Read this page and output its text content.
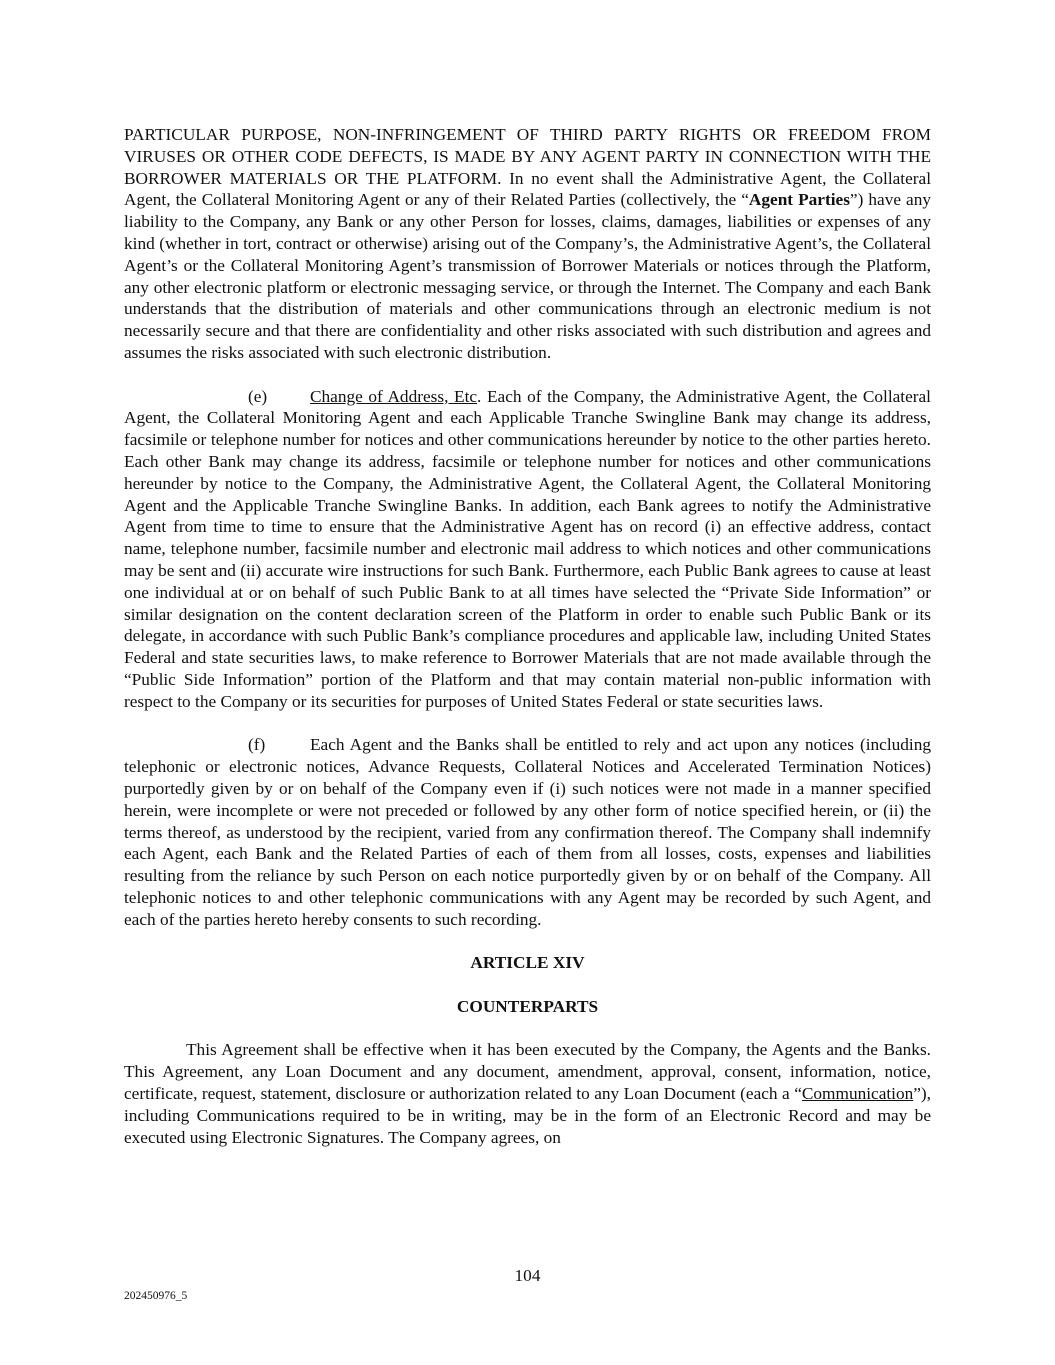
PARTICULAR PURPOSE, NON-INFRINGEMENT OF THIRD PARTY RIGHTS OR FREEDOM FROM VIRUSES OR OTHER CODE DEFECTS, IS MADE BY ANY AGENT PARTY IN CONNECTION WITH THE BORROWER MATERIALS OR THE PLATFORM. In no event shall the Administrative Agent, the Collateral Agent, the Collateral Monitoring Agent or any of their Related Parties (collectively, the “Agent Parties”) have any liability to the Company, any Bank or any other Person for losses, claims, damages, liabilities or expenses of any kind (whether in tort, contract or otherwise) arising out of the Company’s, the Administrative Agent’s, the Collateral Agent’s or the Collateral Monitoring Agent’s transmission of Borrower Materials or notices through the Platform, any other electronic platform or electronic messaging service, or through the Internet. The Company and each Bank understands that the distribution of materials and other communications through an electronic medium is not necessarily secure and that there are confidentiality and other risks associated with such distribution and agrees and assumes the risks associated with such electronic distribution.

(e) Change of Address, Etc. Each of the Company, the Administrative Agent, the Collateral Agent, the Collateral Monitoring Agent and each Applicable Tranche Swingline Bank may change its address, facsimile or telephone number for notices and other communications hereunder by notice to the other parties hereto. Each other Bank may change its address, facsimile or telephone number for notices and other communications hereunder by notice to the Company, the Administrative Agent, the Collateral Agent, the Collateral Monitoring Agent and the Applicable Tranche Swingline Banks. In addition, each Bank agrees to notify the Administrative Agent from time to time to ensure that the Administrative Agent has on record (i) an effective address, contact name, telephone number, facsimile number and electronic mail address to which notices and other communications may be sent and (ii) accurate wire instructions for such Bank. Furthermore, each Public Bank agrees to cause at least one individual at or on behalf of such Public Bank to at all times have selected the “Private Side Information” or similar designation on the content declaration screen of the Platform in order to enable such Public Bank or its delegate, in accordance with such Public Bank’s compliance procedures and applicable law, including United States Federal and state securities laws, to make reference to Borrower Materials that are not made available through the “Public Side Information” portion of the Platform and that may contain material non-public information with respect to the Company or its securities for purposes of United States Federal or state securities laws.

(f)	Each Agent and the Banks shall be entitled to rely and act upon any notices (including telephonic or electronic notices, Advance Requests, Collateral Notices and Accelerated Termination Notices) purportedly given by or on behalf of the Company even if (i) such notices were not made in a manner specified herein, were incomplete or were not preceded or followed by any other form of notice specified herein, or (ii) the terms thereof, as understood by the recipient, varied from any confirmation thereof. The Company shall indemnify each Agent, each Bank and the Related Parties of each of them from all losses, costs, expenses and liabilities resulting from the reliance by such Person on each notice purportedly given by or on behalf of the Company. All telephonic notices to and other telephonic communications with any Agent may be recorded by such Agent, and each of the parties hereto hereby consents to such recording.

ARTICLE XIV

COUNTERPARTS

This Agreement shall be effective when it has been executed by the Company, the Agents and the Banks. This Agreement, any Loan Document and any document, amendment, approval, consent, information, notice, certificate, request, statement, disclosure or authorization related to any Loan Document (each a “Communication”), including Communications required to be in writing, may be in the form of an Electronic Record and may be executed using Electronic Signatures. The Company agrees, on

104
202450976_5
